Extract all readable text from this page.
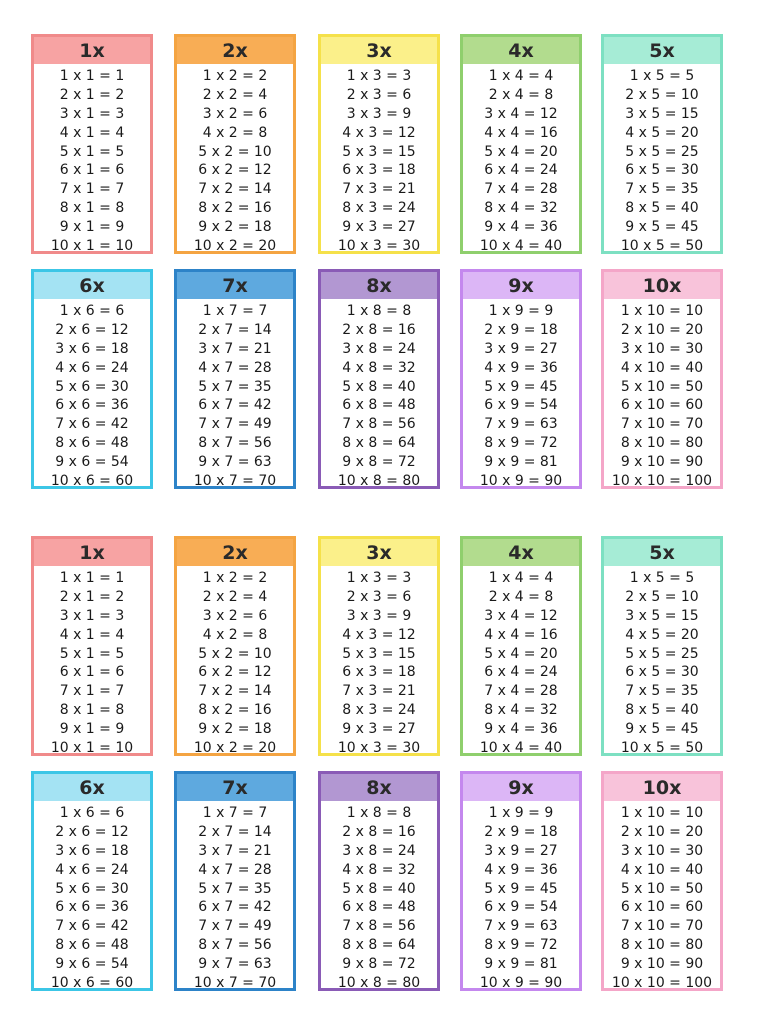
1x
1 x 1 = 1
2 x 1 = 2
3 x 1 = 3
4 x 1 = 4
5 x 1 = 5
6 x 1 = 6
7 x 1 = 7
8 x 1 = 8
9 x 1 = 9
10 x 1 = 10
2x
1 x 2 = 2
2 x 2 = 4
3 x 2 = 6
4 x 2 = 8
5 x 2 = 10
6 x 2 = 12
7 x 2 = 14
8 x 2 = 16
9 x 2 = 18
10 x 2 = 20
3x
1 x 3 = 3
2 x 3 = 6
3 x 3 = 9
4 x 3 = 12
5 x 3 = 15
6 x 3 = 18
7 x 3 = 21
8 x 3 = 24
9 x 3 = 27
10 x 3 = 30
4x
1 x 4 = 4
2 x 4 = 8
3 x 4 = 12
4 x 4 = 16
5 x 4 = 20
6 x 4 = 24
7 x 4 = 28
8 x 4 = 32
9 x 4 = 36
10 x 4 = 40
5x
1 x 5 = 5
2 x 5 = 10
3 x 5 = 15
4 x 5 = 20
5 x 5 = 25
6 x 5 = 30
7 x 5 = 35
8 x 5 = 40
9 x 5 = 45
10 x 5 = 50
6x
1 x 6 = 6
2 x 6 = 12
3 x 6 = 18
4 x 6 = 24
5 x 6 = 30
6 x 6 = 36
7 x 6 = 42
8 x 6 = 48
9 x 6 = 54
10 x 6 = 60
7x
1 x 7 = 7
2 x 7 = 14
3 x 7 = 21
4 x 7 = 28
5 x 7 = 35
6 x 7 = 42
7 x 7 = 49
8 x 7 = 56
9 x 7 = 63
10 x 7 = 70
8x
1 x 8 = 8
2 x 8 = 16
3 x 8 = 24
4 x 8 = 32
5 x 8 = 40
6 x 8 = 48
7 x 8 = 56
8 x 8 = 64
9 x 8 = 72
10 x 8 = 80
9x
1 x 9 = 9
2 x 9 = 18
3 x 9 = 27
4 x 9 = 36
5 x 9 = 45
6 x 9 = 54
7 x 9 = 63
8 x 9 = 72
9 x 9 = 81
10 x 9 = 90
10x
1 x 10 = 10
2 x 10 = 20
3 x 10 = 30
4 x 10 = 40
5 x 10 = 50
6 x 10 = 60
7 x 10 = 70
8 x 10 = 80
9 x 10 = 90
10 x 10 = 100
1x
1 x 1 = 1
2 x 1 = 2
3 x 1 = 3
4 x 1 = 4
5 x 1 = 5
6 x 1 = 6
7 x 1 = 7
8 x 1 = 8
9 x 1 = 9
10 x 1 = 10
2x
1 x 2 = 2
2 x 2 = 4
3 x 2 = 6
4 x 2 = 8
5 x 2 = 10
6 x 2 = 12
7 x 2 = 14
8 x 2 = 16
9 x 2 = 18
10 x 2 = 20
3x
1 x 3 = 3
2 x 3 = 6
3 x 3 = 9
4 x 3 = 12
5 x 3 = 15
6 x 3 = 18
7 x 3 = 21
8 x 3 = 24
9 x 3 = 27
10 x 3 = 30
4x
1 x 4 = 4
2 x 4 = 8
3 x 4 = 12
4 x 4 = 16
5 x 4 = 20
6 x 4 = 24
7 x 4 = 28
8 x 4 = 32
9 x 4 = 36
10 x 4 = 40
5x
1 x 5 = 5
2 x 5 = 10
3 x 5 = 15
4 x 5 = 20
5 x 5 = 25
6 x 5 = 30
7 x 5 = 35
8 x 5 = 40
9 x 5 = 45
10 x 5 = 50
6x
1 x 6 = 6
2 x 6 = 12
3 x 6 = 18
4 x 6 = 24
5 x 6 = 30
6 x 6 = 36
7 x 6 = 42
8 x 6 = 48
9 x 6 = 54
10 x 6 = 60
7x
1 x 7 = 7
2 x 7 = 14
3 x 7 = 21
4 x 7 = 28
5 x 7 = 35
6 x 7 = 42
7 x 7 = 49
8 x 7 = 56
9 x 7 = 63
10 x 7 = 70
8x
1 x 8 = 8
2 x 8 = 16
3 x 8 = 24
4 x 8 = 32
5 x 8 = 40
6 x 8 = 48
7 x 8 = 56
8 x 8 = 64
9 x 8 = 72
10 x 8 = 80
9x
1 x 9 = 9
2 x 9 = 18
3 x 9 = 27
4 x 9 = 36
5 x 9 = 45
6 x 9 = 54
7 x 9 = 63
8 x 9 = 72
9 x 9 = 81
10 x 9 = 90
10x
1 x 10 = 10
2 x 10 = 20
3 x 10 = 30
4 x 10 = 40
5 x 10 = 50
6 x 10 = 60
7 x 10 = 70
8 x 10 = 80
9 x 10 = 90
10 x 10 = 100
